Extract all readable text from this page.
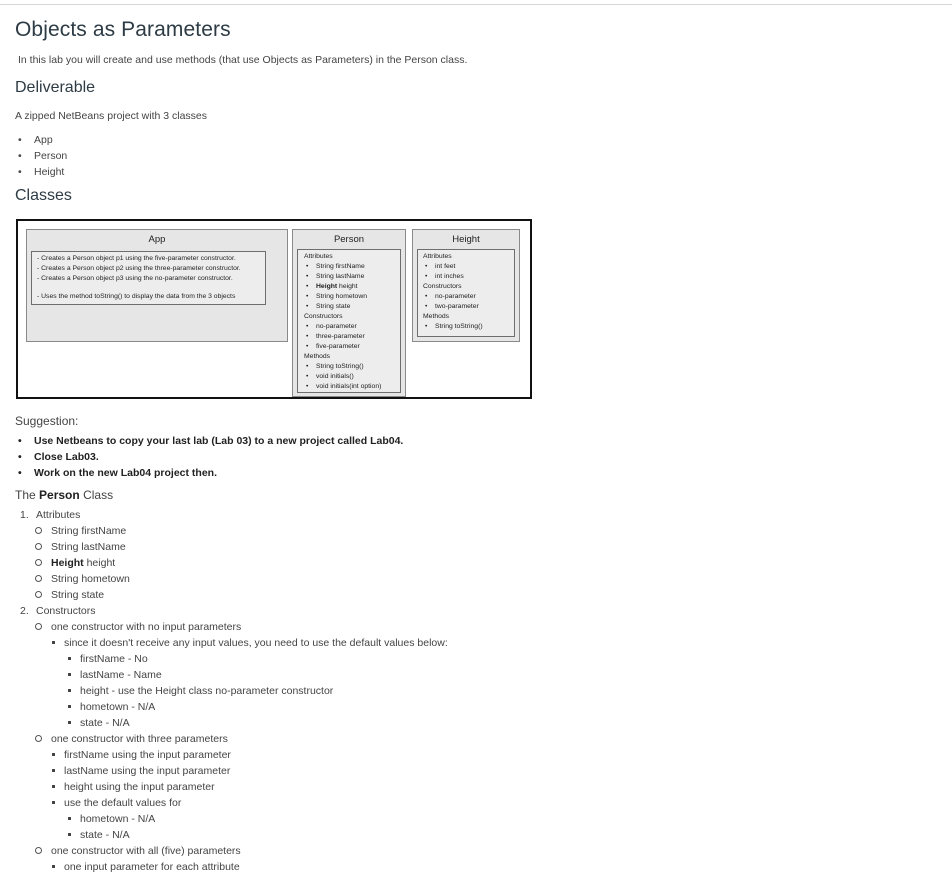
Objects as Parameters
In this lab you will create and use methods (that use Objects as Parameters) in the Person class.
Deliverable
A zipped NetBeans project with 3 classes
• App
• Person
• Height
Classes
App
- Creates a Person object p1 using the five-parameter constructor.
- Creates a Person object p2 using the three-parameter constructor.
- Creates a Person object p3 using the no-parameter constructor.
- Uses the method toString() to display the data from the 3 objects
Person
Attributes
• String firstName
• String lastName
• Height height
• String hometown
• String state
Constructors
• no-parameter
• three-parameter
• five-parameter
Methods
• String toString()
• void initials()
• void initials(int option)
Height
Attributes
• int feet
• int inches
Constructors
• no-parameter
• two-parameter
Methods
• String toString()
Suggestion:
• Use Netbeans to copy your last lab (Lab 03) to a new project called Lab04.
• Close Lab03.
• Work on the new Lab04 project then.
The Person Class
1. Attributes
String firstName
String lastName
Height height
String hometown
String state
2. Constructors
one constructor with no input parameters
since it doesn't receive any input values, you need to use the default values below:
firstName - No
lastName - Name
height - use the Height class no-parameter constructor
hometown - N/A
state - N/A
one constructor with three parameters
firstName using the input parameter
lastName using the input parameter
height using the input parameter
use the default values for
hometown - N/A
state - N/A
one constructor with all (five) parameters
one input parameter for each attribute
